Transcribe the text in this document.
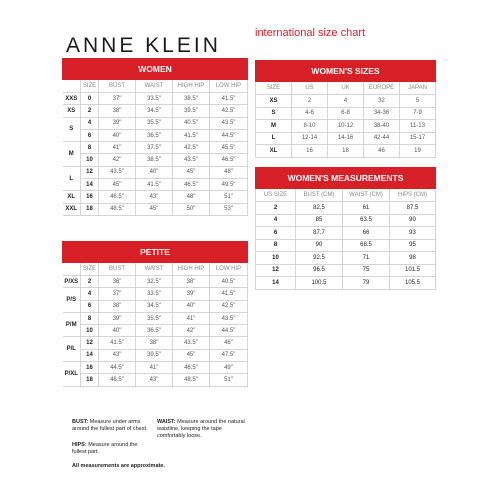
ANNE KLEIN
international size chart
WOMEN					
	SIZE	BUST	WAIST	HIGH HIP	LOW HIP
XXS	0	37"	33.5"	38.5"	41.5"
XS	2	38"	34.5"	39.5"	42.5"
S	4	39"	35.5"	40.5"	43.5"
	6	40"	36.5"	41.5"	44.5"
M	8	41"	37.5"	42.5"	45.5"
	10	42"	38.5"	43.5"	46.5"
L	12	43.5"	40"	45"	48"
	14	45"	41.5"	46.5"	49.5"
XL	16	46.5"	43"	48"	51"
XXL	18	48.5"	45"	50"	53"
PETITE					
	SIZE	BUST	WAIST	HIGH HIP	LOW HIP
P/XS	2	36"	32.5"	38"	40.5"
P/S	4	37"	33.5"	39"	41.5"
	6	38"	34.5"	40"	42.5"
P/M	8	39"	35.5"	41"	43.5"
	10	40"	36.5"	42"	44.5"
P/L	12	41.5"	38"	43.5"	46"
	14	43"	39.5"	45"	47.5"
P/XL	16	44.5"	41"	46.5"	49"
	18	46.5"	43"	48.5"	51"
WOMEN'S SIZES				
SIZE	US	UK	EUROPE	JAPAN
XS	2	4	32	5
S	4-6	6-8	34-36	7-9
M	8-10	10-12	38-40	11-13
L	12-14	14-16	42-44	15-17
XL	16	18	46	19
WOMEN'S MEASUREMENTS			
US SIZE	BUST (CM)	WAIST (CM)	HIPS (CM)
2	82.5	61	87.5
4	85	63.5	90
6	87.7	66	93
8	90	68.5	95
10	92.5	71	98
12	96.5	75	101.5
14	100.5	79	105.5
BUST: Measure under arms around the fullest part of chest.
WAIST: Measure around the natural waistline, keeping the tape comfortably loose.
HIPS: Measure around the fullest part.
All measurements are approximate.
